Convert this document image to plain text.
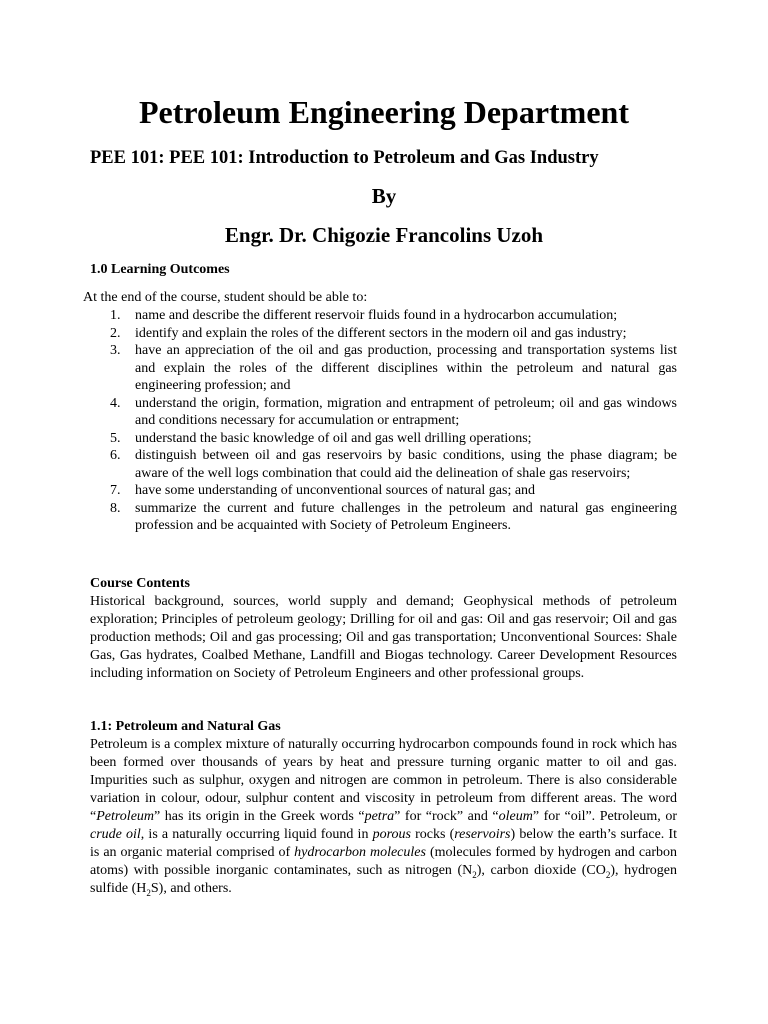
Petroleum Engineering Department

PEE 101: PEE 101: Introduction to Petroleum and Gas Industry

By

Engr. Dr. Chigozie Francolins Uzoh

1.0 Learning Outcomes

At the end of the course, student should be able to:

1. name and describe the different reservoir fluids found in a hydrocarbon accumulation;
2. identify and explain the roles of the different sectors in the modern oil and gas industry;
3. have an appreciation of the oil and gas production, processing and transportation systems list and explain the roles of the different disciplines within the petroleum and natural gas engineering profession; and
4. understand the origin, formation, migration and entrapment of petroleum; oil and gas windows and conditions necessary for accumulation or entrapment;
5. understand the basic knowledge of oil and gas well drilling operations;
6. distinguish between oil and gas reservoirs by basic conditions, using the phase diagram; be aware of the well logs combination that could aid the delineation of shale gas reservoirs;
7. have some understanding of unconventional sources of natural gas; and
8. summarize the current and future challenges in the petroleum and natural gas engineering profession and be acquainted with Society of Petroleum Engineers.
Course Contents
Historical background, sources, world supply and demand; Geophysical methods of petroleum exploration; Principles of petroleum geology; Drilling for oil and gas: Oil and gas reservoir; Oil and gas production methods; Oil and gas processing; Oil and gas transportation; Unconventional Sources: Shale Gas, Gas hydrates, Coalbed Methane, Landfill and Biogas technology. Career Development Resources including information on Society of Petroleum Engineers and other professional groups.
1.1: Petroleum and Natural Gas
Petroleum is a complex mixture of naturally occurring hydrocarbon compounds found in rock which has been formed over thousands of years by heat and pressure turning organic matter to oil and gas. Impurities such as sulphur, oxygen and nitrogen are common in petroleum. There is also considerable variation in colour, odour, sulphur content and viscosity in petroleum from different areas. The word “Petroleum” has its origin in the Greek words “petra” for “rock” and “oleum” for “oil”. Petroleum, or crude oil, is a naturally occurring liquid found in porous rocks (reservoirs) below the earth’s surface. It is an organic material comprised of hydrocarbon molecules (molecules formed by hydrogen and carbon atoms) with possible inorganic contaminates, such as nitrogen $(N_2)$, carbon dioxide $(CO_2)$, hydrogen sulfide $(H_2S)$, and others.
